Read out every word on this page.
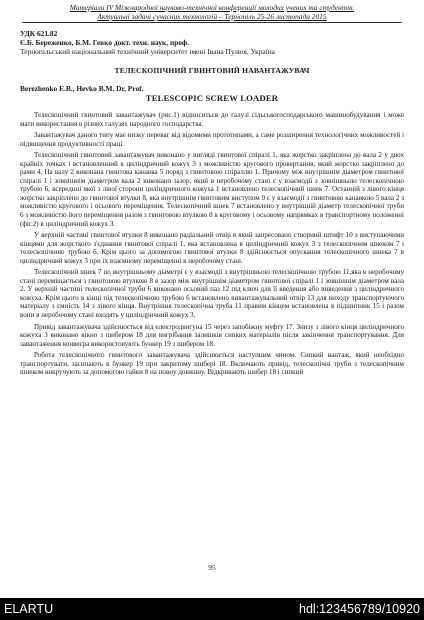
Матеріали IV Міжнародної науково-технічної конференції молодих учених та студентів.
Актуальні задачі сучасних технологій – Тернопіль 25-26 листопада 2015
УДК 621.82
Є.Б. Береженко, Б.М. Гевко докт. техн. наук, проф.
Тернопільський національний технічний університет імені Івана Пулюя, Україна
ТЕЛЕСКОПІЧНИЙ ГВИНТОВИЙ НАВАНТАЖУВАЧ
Berezhenko E.B., Hevko B.M. Dr, Prof.
TELESCOPIC SCREW LOADER

Телескопічний гвинтовий завантажувач (рис.1) відноситься до галузі сільськогосподарського машинобудування і може мати використання в різних галузях народного господарства.

Завантажувач даного типу має низку переваг від відомими прототипами, а саме розширення технологічних можливостей і підвищення продуктивності праці.

Телескопічний гвинтовий завантажувач виконано у вигляді гвинтової спіралі 1, яка жорстко закріплена до вала 2 у двох крайніх точках і встановленний в циліндричний кожух 3 з можливістю кругового провертання, який жорстко закріплено до рами 4. На валу 2 виконана гвинтова канавка 5 поряд з гвинтовою спіраллю 1. Причому між внутрішнім діаметром гвинтової спіралі 1 і зовнішнім діаметром вала 2 виконано зазор, який в неробочому стані є у взаємодії з зовнішньою телескопічною трубою 6, всередині якої з лівої сторони циліндричного кожуха 1 встановлено телескопічний шнек 7. Останній з лівого кінця жорстко закріплено до гвинтової втулки 8, яка внутрішнім гвинтовим виступом 9 є у взаємодії з гвинтовою канавкою 5 вала 2 з можливістю кругового і осьового переміщення. Телескопічний шнек 7 встановлено у внутрішній діаметр телескопічної труби 6 з можливістю його переміщення разом з гвинтовою втулкою 8 в круговому і осьовому напрямках в транспортному положенні (фіг.2) в циліндричний кожух 3.

У верхній частині гвинтової втулки 8 виконано радіальний отвір в який запресовано створний штифт 10 з виступаючими кінцями для жорсткого з'єднання гвинтової спіралі 1, яка встановлена в циліндричний кожух 3 з телескопічним шнеком 7 і телескопічною трубою 6. Крім цього за допомогою гвинтової втулки 8 здійснюється опускання телескопічного шнека 7 в циліндричний кожух 3 при їх взаємному переміщенні в неробочому стані.

Телескопічний шнек 7 по внутрішньому діаметрі є у взаємодії з внутрішньою телескопічною трубою 11,яка в неробочому стані переміщається з гвинтовою втулкою 8 в зазор між внутрішнім діаметром гвинтової спіралі 1 і зовнішнім діаметром вала 2. У верхній частині телескопічної труби 6 виконано осьовий паз 12 під ключ для її введення або виведення з циліндричного кожуха. Крім цього в кінці під телескопічною трубою 6 встановлено вивантажувальний отвір 13 для виходу транспортуючого матеріалу з ємність 14 з лівого кінця. Внутрішня телескопічна труба 11 правим кінцем встановлена в підшипник 15 і разом вони в неробочому стані входять у циліндричний кожух 3.

Привід завантажувача здійснюється від електродвигуна 15 через запобіжну муфту 17. Знизу з лівого кінця циліндричного кожуха 3 виконано вікно з шибером 18 для вигрібання залишків сипких матеріалів після закінчення транспортування. Для завантаження конвеєра використовують бункер 19 з шибером 18.

Робота телескопічного гвинтового завантажувача здійснюється наступним чином. Сипкий вантаж, який необхідно транспортувати, засипають в бункер 19 при закритому шибері 18. Включають привід, телескопічні труби з телескопічним шнеком викручують за допомогою гайки 8 на повну довжину. Відкривають шибер 18 і сипкий

95
ELARTU	hdl:123456789/10920
